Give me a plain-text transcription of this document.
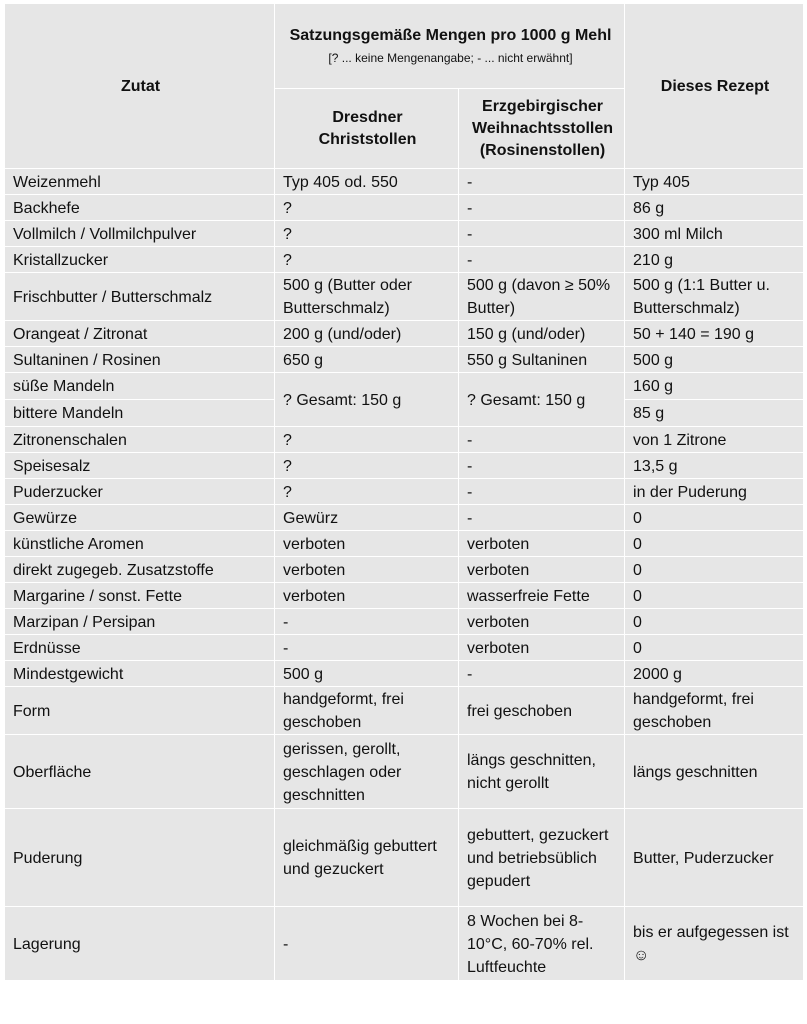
Zutat	Satzungsgemäße Mengen pro 1000 g Mehl [? ... keine Mengenangabe; - ... nicht erwähnt]		Dieses Rezept
	Dresdner Christstollen	Erzgebirgischer Weihnachtsstollen (Rosinenstollen)	
Weizenmehl	Typ 405 od. 550	-	Typ 405
Backhefe	?	-	86 g
Vollmilch / Vollmilchpulver	?	-	300 ml Milch
Kristallzucker	?	-	210 g
Frischbutter / Butterschmalz	500 g (Butter oder Butterschmalz)	500 g (davon ≥ 50% Butter)	500 g (1:1 Butter u. Butterschmalz)
Orangeat / Zitronat	200 g (und/oder)	150 g (und/oder)	50 + 140 = 190 g
Sultaninen / Rosinen	650 g	550 g Sultaninen	500 g
süße Mandeln	? Gesamt: 150 g	? Gesamt: 150 g	160 g
bittere Mandeln			85 g
Zitronenschalen	?	-	von 1 Zitrone
Speisesalz	?	-	13,5 g
Puderzucker	?	-	in der Puderung
Gewürze	Gewürz	-	0
künstliche Aromen	verboten	verboten	0
direkt zugegeb. Zusatzstoffe	verboten	verboten	0
Margarine / sonst. Fette	verboten	wasserfreie Fette	0
Marzipan / Persipan	-	verboten	0
Erdnüsse	-	verboten	0
Mindestgewicht	500 g	-	2000 g
Form	handgeformt, frei geschoben	frei geschoben	handgeformt, frei geschoben
Oberfläche	gerissen, gerollt, geschlagen oder geschnitten	längs geschnitten, nicht gerollt	längs geschnitten
Puderung	gleichmäßig gebuttert und gezuckert	gebuttert, gezuckert und betriebsüblich gepudert	Butter, Puderzucker
Lagerung	-	8 Wochen bei 8-10°C, 60-70% rel. Luftfeuchte	bis er aufgegessen ist ☺
